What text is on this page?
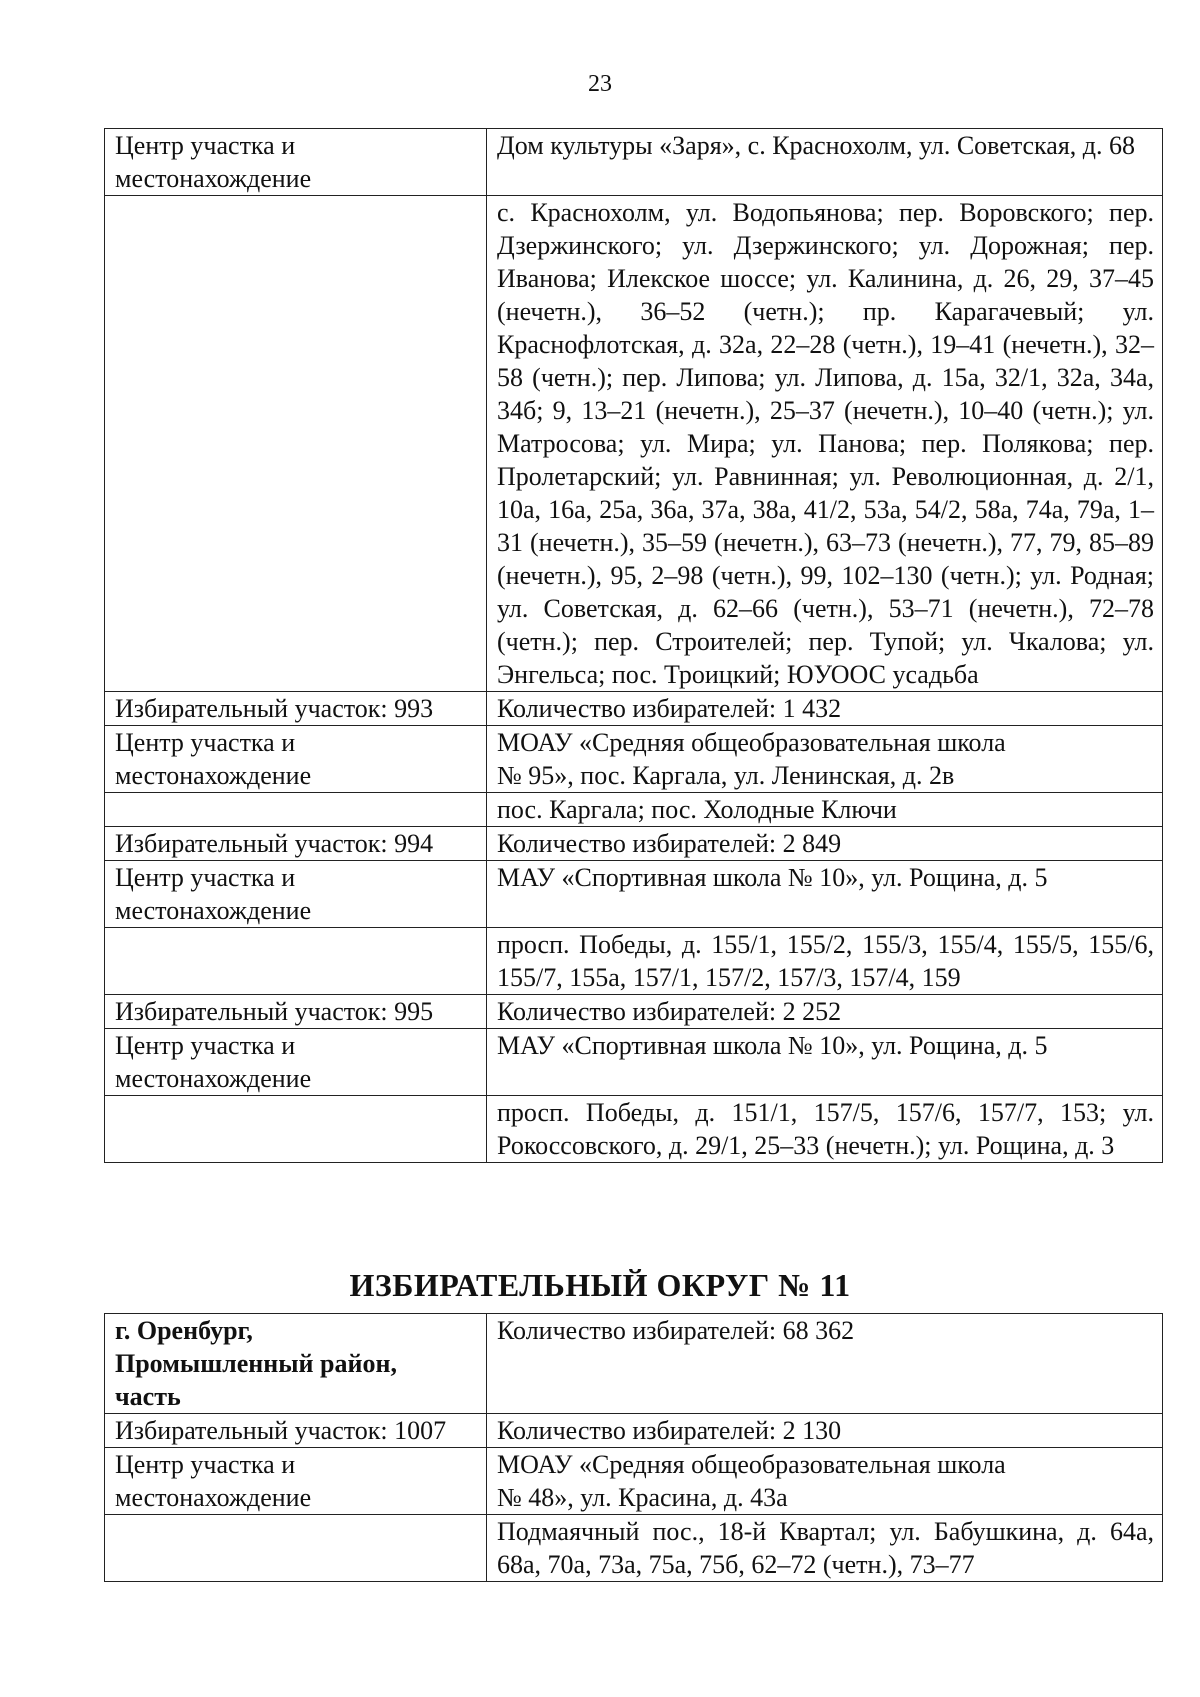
23
Центр участка и местонахождение	Дом культуры «Заря», с. Краснохолм, ул. Советская, д. 68
	с. Краснохолм, ул. Водопьянова; пер. Воровского; пер. Дзержинского; ул. Дзержинского; ул. Дорожная; пер. Иванова; Илекское шоссе; ул. Калинина, д. 26, 29, 37–45 (нечетн.), 36–52 (четн.); пр. Карагачевый; ул. Краснофлотская, д. 32а, 22–28 (четн.), 19–41 (нечетн.), 32–58 (четн.); пер. Липова; ул. Липова, д. 15а, 32/1, 32а, 34а, 34б; 9, 13–21 (нечетн.), 25–37 (нечетн.), 10–40 (четн.); ул. Матросова; ул. Мира; ул. Панова; пер. Полякова; пер. Пролетарский; ул. Равнинная; ул. Революционная, д. 2/1, 10а, 16а, 25а, 36а, 37а, 38а, 41/2, 53а, 54/2, 58а, 74а, 79а, 1–31 (нечетн.), 35–59 (нечетн.), 63–73 (нечетн.), 77, 79, 85–89 (нечетн.), 95, 2–98 (четн.), 99, 102–130 (четн.); ул. Родная; ул. Советская, д. 62–66 (четн.), 53–71 (нечетн.), 72–78 (четн.); пер. Строителей; пер. Тупой; ул. Чкалова; ул. Энгельса; пос. Троицкий; ЮУООС усадьба
Избирательный участок: 993	Количество избирателей: 1 432
Центр участка и местонахождение	МОАУ «Средняя общеобразовательная школа
№ 95», пос. Каргала, ул. Ленинская, д. 2в
	пос. Каргала; пос. Холодные Ключи
Избирательный участок: 994	Количество избирателей: 2 849
Центр участка и местонахождение	МАУ «Спортивная школа № 10», ул. Рощина, д. 5
	просп. Победы, д. 155/1, 155/2, 155/3, 155/4, 155/5, 155/6, 155/7, 155а, 157/1, 157/2, 157/3, 157/4, 159
Избирательный участок: 995	Количество избирателей: 2 252
Центр участка и местонахождение	МАУ «Спортивная школа № 10», ул. Рощина, д. 5
	просп. Победы, д. 151/1, 157/5, 157/6, 157/7, 153; ул. Рокоссовского, д. 29/1, 25–33 (нечетн.); ул. Рощина, д. 3
ИЗБИРАТЕЛЬНЫЙ ОКРУГ № 11
г. Оренбург,
Промышленный район,
часть	Количество избирателей: 68 362
Избирательный участок: 1007	Количество избирателей: 2 130
Центр участка и местонахождение	МОАУ «Средняя общеобразовательная школа
№ 48», ул. Красина, д. 43а
	Подмаячный пос., 18-й Квартал; ул. Бабушкина, д. 64а, 68а, 70а, 73а, 75а, 75б, 62–72 (четн.), 73–77
